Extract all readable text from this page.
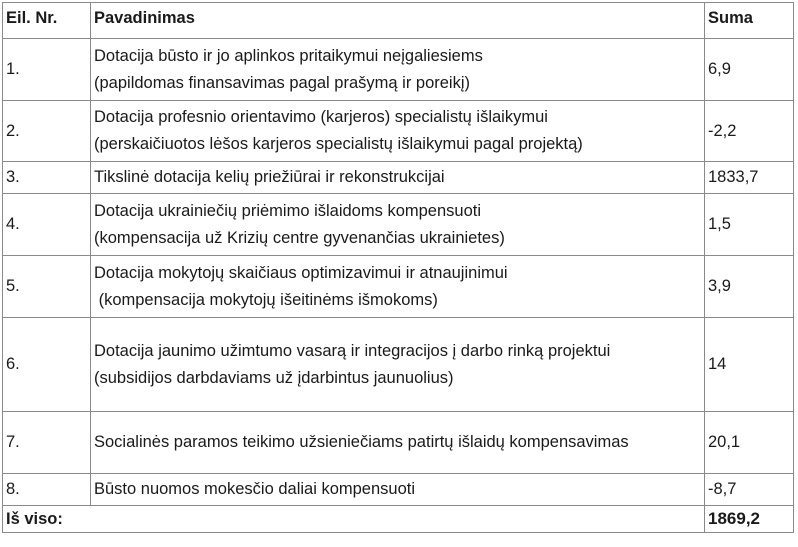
Eil. Nr.	Pavadinimas	Suma
1.	Dotacija būsto ir jo aplinkos pritaikymui neįgaliesiems
(papildomas finansavimas pagal prašymą ir poreikį)	6,9
2.	Dotacija profesnio orientavimo (karjeros) specialistų išlaikymui
(perskaičiuotos lėšos karjeros specialistų išlaikymui pagal projektą)	-2,2
3.	Tikslinė dotacija kelių priežiūrai ir rekonstrukcijai	1833,7
4.	Dotacija ukrainiečių priėmimo išlaidoms kompensuoti
(kompensacija už Krizių centre gyvenančias ukrainietes)	1,5
5.	Dotacija mokytojų skaičiaus optimizavimui ir atnaujinimui
(kompensacija mokytojų išeitinėms išmokoms)	3,9
6.	Dotacija jaunimo užimtumo vasarą ir integracijos į darbo rinką projektui
(subsidijos darbdaviams už įdarbintus jaunuolius)	14
7.	Socialinės paramos teikimo užsieniečiams patirtų išlaidų kompensavimas	20,1
8.	Būsto nuomos mokesčio daliai kompensuoti	-8,7
Iš viso:		1869,2
